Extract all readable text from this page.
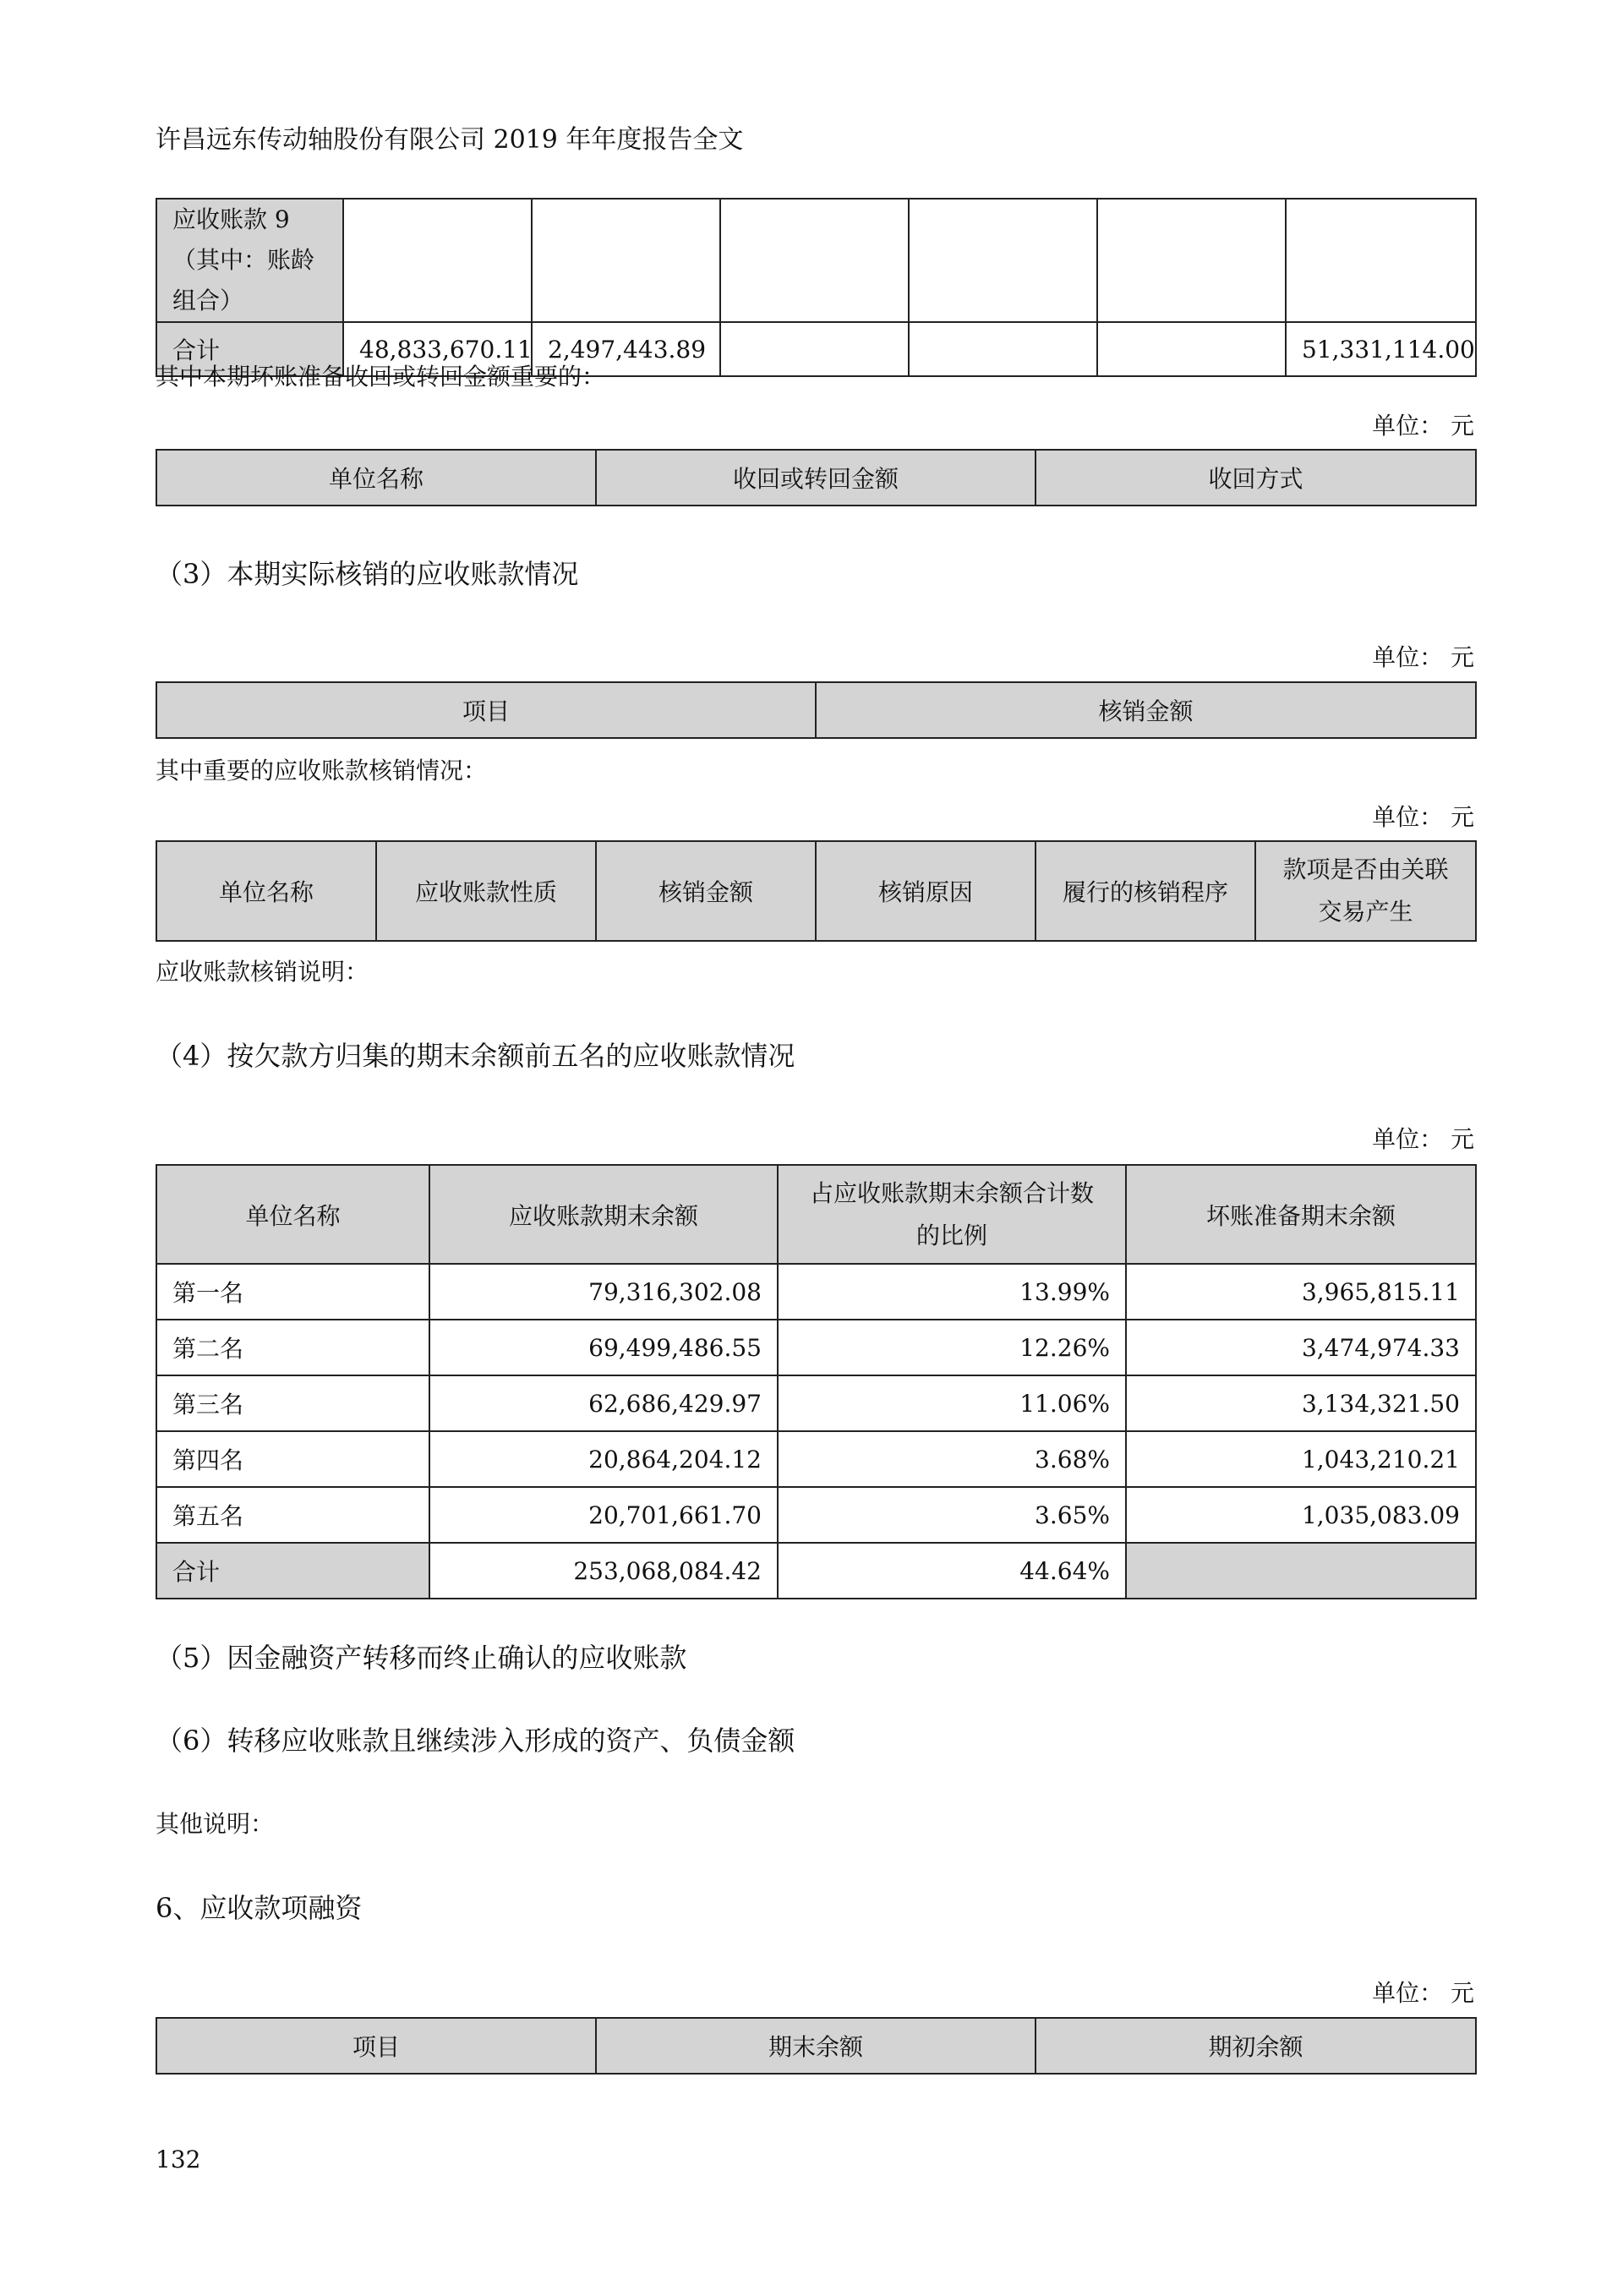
许昌远东传动轴股份有限公司 2019 年年度报告全文
应收账款 9（其中：账龄组合）						
合计	48,833,670.11	2,497,443.89				51,331,114.00
其中本期坏账准备收回或转回金额重要的：
单位： 元
单位名称	收回或转回金额	收回方式
（3）本期实际核销的应收账款情况
单位： 元
项目	核销金额
其中重要的应收账款核销情况：
单位： 元
单位名称	应收账款性质	核销金额	核销原因	履行的核销程序	款项是否由关联交易产生
应收账款核销说明：
（4）按欠款方归集的期末余额前五名的应收账款情况
单位： 元
单位名称	应收账款期末余额	占应收账款期末余额合计数的比例	坏账准备期末余额
第一名	79,316,302.08	13.99%	3,965,815.11
第二名	69,499,486.55	12.26%	3,474,974.33
第三名	62,686,429.97	11.06%	3,134,321.50
第四名	20,864,204.12	3.68%	1,043,210.21
第五名	20,701,661.70	3.65%	1,035,083.09
合计	253,068,084.42	44.64%	
（5）因金融资产转移而终止确认的应收账款
（6）转移应收账款且继续涉入形成的资产、负债金额
其他说明：
6、应收款项融资
单位： 元
项目	期末余额	期初余额
132
